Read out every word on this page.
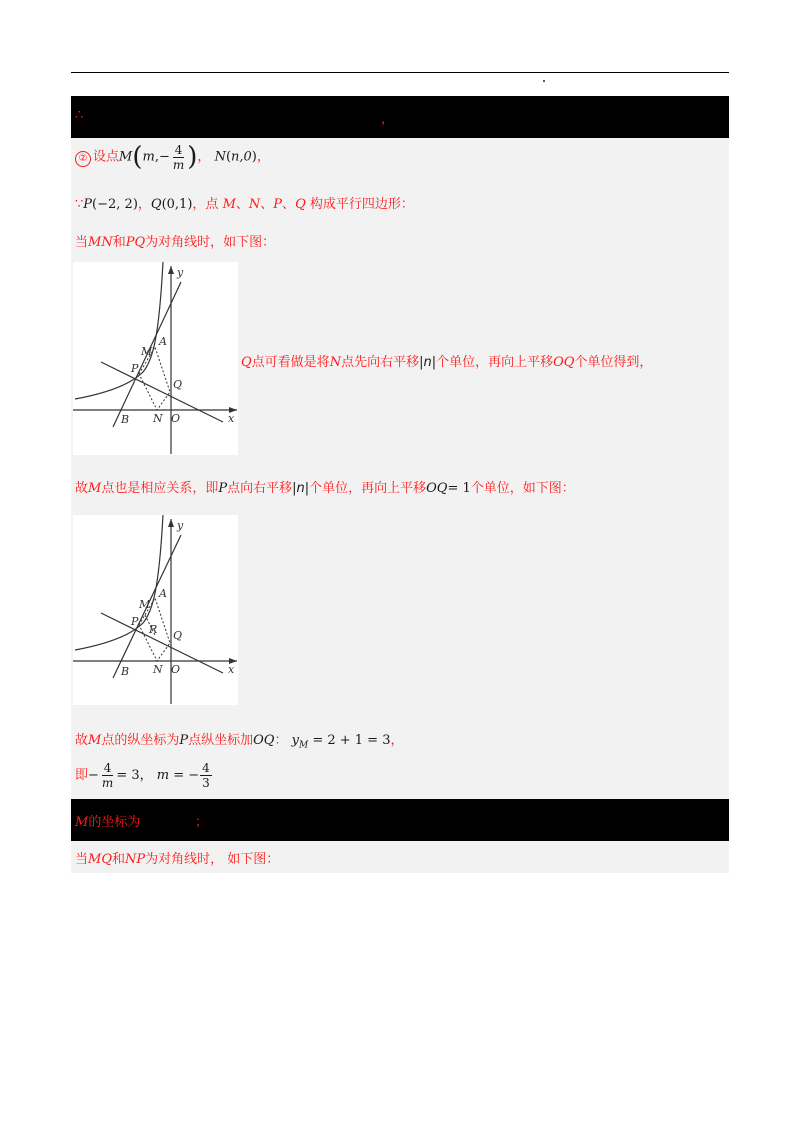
∴	，
② 设点$M(m,- \frac{4}{m}$ )， N(n,0)，
∵P(−2, 2)，Q(0,1)，点 M、N、P、Q 构成平行四边形：
当MN和PQ为对角线时，如下图：
y
x
A
M
P
Q
B N O
Q点可看做是将N点先向右平移|n|个单位，再向上平移OQ个单位得到，
故M点也是相应关系，即P点向右平移|n|个单位，再向上平移OQ= 1个单位，如下图：
y
x
A
M
P
R Q
B N O
故M点的纵坐标为P点纵坐标加OQ： $y_M = 2 + 1 = 3$，
即− $\frac{4}{m} = 3$， m = − $\frac{4}{3}$
M的坐标为	；
当MQ和NP为对角线时， 如下图：
